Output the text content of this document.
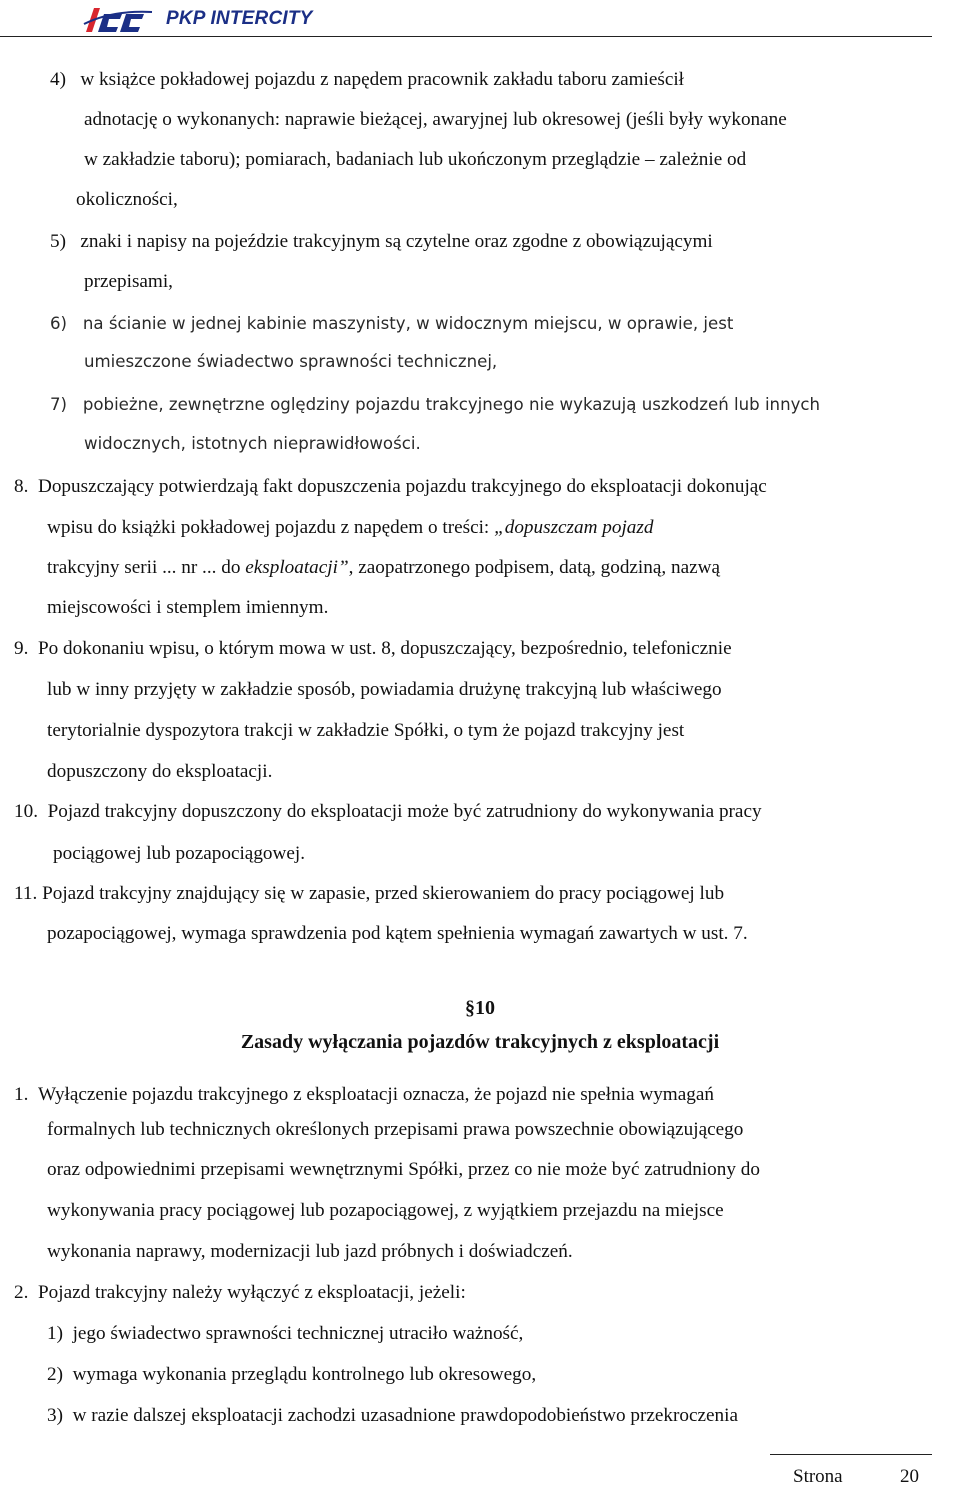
PKP INTERCITY
4)   w książce pokładowej pojazdu z napędem pracownik zakładu taboru zamieścił
adnotację o wykonanych: naprawie bieżącej, awaryjnej lub okresowej (jeśli były wykonane
w zakładzie taboru); pomiarach, badaniach lub ukończonym przeglądzie – zależnie od
okoliczności,
5)   znaki i napisy na pojeździe trakcyjnym są czytelne oraz zgodne z obowiązującymi
przepisami,
6)   na ścianie w jednej kabinie maszynisty, w widocznym miejscu, w oprawie, jest
umieszczone świadectwo sprawności technicznej,
7)   pobieżne, zewnętrzne oględziny pojazdu trakcyjnego nie wykazują uszkodzeń lub innych
widocznych, istotnych nieprawidłowości.
8.  Dopuszczający potwierdzają fakt dopuszczenia pojazdu trakcyjnego do eksploatacji dokonując
wpisu do książki pokładowej pojazdu z napędem o treści: „dopuszczam pojazd
trakcyjny serii ... nr ... do eksploatacji”, zaopatrzonego podpisem, datą, godziną, nazwą
miejscowości i stemplem imiennym.
9.  Po dokonaniu wpisu, o którym mowa w ust. 8, dopuszczający, bezpośrednio, telefonicznie
lub w inny przyjęty w zakładzie sposób, powiadamia drużynę trakcyjną lub właściwego
terytorialnie dyspozytora trakcji w zakładzie Spółki, o tym że pojazd trakcyjny jest
dopuszczony do eksploatacji.
10.  Pojazd trakcyjny dopuszczony do eksploatacji może być zatrudniony do wykonywania pracy
pociągowej lub pozapociągowej.
11. Pojazd trakcyjny znajdujący się w zapasie, przed skierowaniem do pracy pociągowej lub
pozapociągowej, wymaga sprawdzenia pod kątem spełnienia wymagań zawartych w ust. 7.
§10
Zasady wyłączania pojazdów trakcyjnych z eksploatacji
1.  Wyłączenie pojazdu trakcyjnego z eksploatacji oznacza, że pojazd nie spełnia wymagań
formalnych lub technicznych określonych przepisami prawa powszechnie obowiązującego
oraz odpowiednimi przepisami wewnętrznymi Spółki, przez co nie może być zatrudniony do
wykonywania pracy pociągowej lub pozapociągowej, z wyjątkiem przejazdu na miejsce
wykonania naprawy, modernizacji lub jazd próbnych i doświadczeń.
2.  Pojazd trakcyjny należy wyłączyć z eksploatacji, jeżeli:
1)  jego świadectwo sprawności technicznej utraciło ważność,
2)  wymaga wykonania przeglądu kontrolnego lub okresowego,
3)  w razie dalszej eksploatacji zachodzi uzasadnione prawdopodobieństwo przekroczenia
Strona	20
